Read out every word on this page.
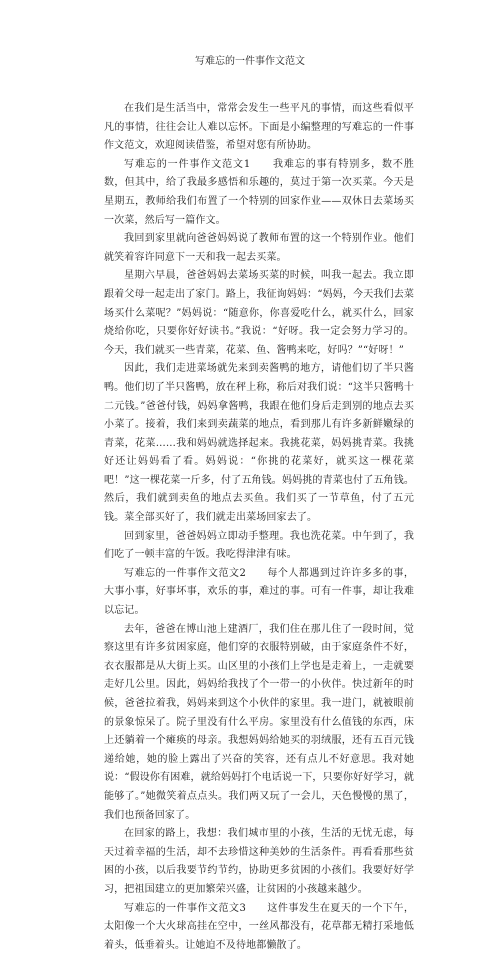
写难忘的一件事作文范文

在我们是生活当中，常常会发生一些平凡的事情，而这些看似平凡的事情，往往会让人难以忘怀。下面是小编整理的写难忘的一件事作文范文，欢迎阅读借鉴，希望对您有所协助。

写难忘的一件事作文范文1　　我难忘的事有特别多，数不胜数，但其中，给了我最多感悟和乐趣的，莫过于第一次买菜。今天是星期五，教师给我们布置了一个特别的回家作业——双休日去菜场买一次菜，然后写一篇作文。

我回到家里就向爸爸妈妈说了教师布置的这一个特别作业。他们就笑着容许同意下一天和我一起去买菜。

星期六早晨，爸爸妈妈去菜场买菜的时候，叫我一起去。我立即跟着父母一起走出了家门。路上，我征询妈妈：“妈妈，今天我们去菜场买什么菜呢？”妈妈说：“随意你，你喜爱吃什么，就买什么，回家烧给你吃，只要你好好读书。”我说：“好呀。我一定会努力学习的。今天，我们就买一些青菜，花菜、鱼、酱鸭来吃，好吗？”“好呀！”

因此，我们走进菜场就先来到卖酱鸭的地方，请他们切了半只酱鸭。他们切了半只酱鸭，放在秤上称，称后对我们说：“这半只酱鸭十二元钱。”爸爸付钱，妈妈拿酱鸭，我跟在他们身后走到别的地点去买小菜了。接着，我们来到卖蔬菜的地点，看到那儿有许多新鲜嫩绿的青菜，花菜……我和妈妈就选择起来。我挑花菜，妈妈挑青菜。我挑好还让妈妈看了看。妈妈说：“你挑的花菜好，就买这一棵花菜吧！”这一棵花菜一斤多，付了五角钱。妈妈挑的青菜也付了五角钱。然后，我们就到卖鱼的地点去买鱼。我们买了一节草鱼，付了五元钱。菜全部买好了，我们就走出菜场回家去了。

回到家里，爸爸妈妈立即动手整理。我也洗花菜。中午到了，我们吃了一顿丰富的午饭。我吃得津津有味。

写难忘的一件事作文范文2　　每个人都遇到过许许多多的事，大事小事，好事坏事，欢乐的事，难过的事。可有一件事，却让我难以忘记。

去年，爸爸在博山池上建酒厂，我们住在那儿住了一段时间，觉察这里有许多贫困家庭，他们穿的衣服特别破，由于家庭条件不好，衣衣服都是从大街上买。山区里的小孩们上学也是走着上，一走就要走好几公里。因此，妈妈给我找了个一带一的小伙伴。快过新年的时候，爸爸拉着我，妈妈来到这个小伙伴的家里。我一进门，就被眼前的景象惊呆了。院子里没有什么平房。家里没有什么值钱的东西，床上还躺着一个瘫痪的母亲。我想妈妈给她买的羽绒服，还有五百元钱递给她，她的脸上露出了兴奋的笑容，还有点儿不好意思。我对她说：“假设你有困难，就给妈妈打个电话说一下，只要你好好学习，就能够了。”她微笑着点点头。我们两又玩了一会儿，天色慢慢的黑了，我们也预备回家了。

在回家的路上，我想：我们城市里的小孩，生活的无忧无虑，每天过着幸福的生活，却不去珍惜这种美妙的生活条件。再看看那些贫困的小孩，以后我要节约节约，协助更多贫困的小孩们。我要好好学习，把祖国建立的更加繁荣兴盛，让贫困的小孩越来越少。

写难忘的一件事作文范文3　　这件事发生在夏天的一个下午，太阳像一个大火球高挂在空中，一丝风都没有，花草都无精打采地低着头，低垂着头。让她迫不及待地都懒散了。
